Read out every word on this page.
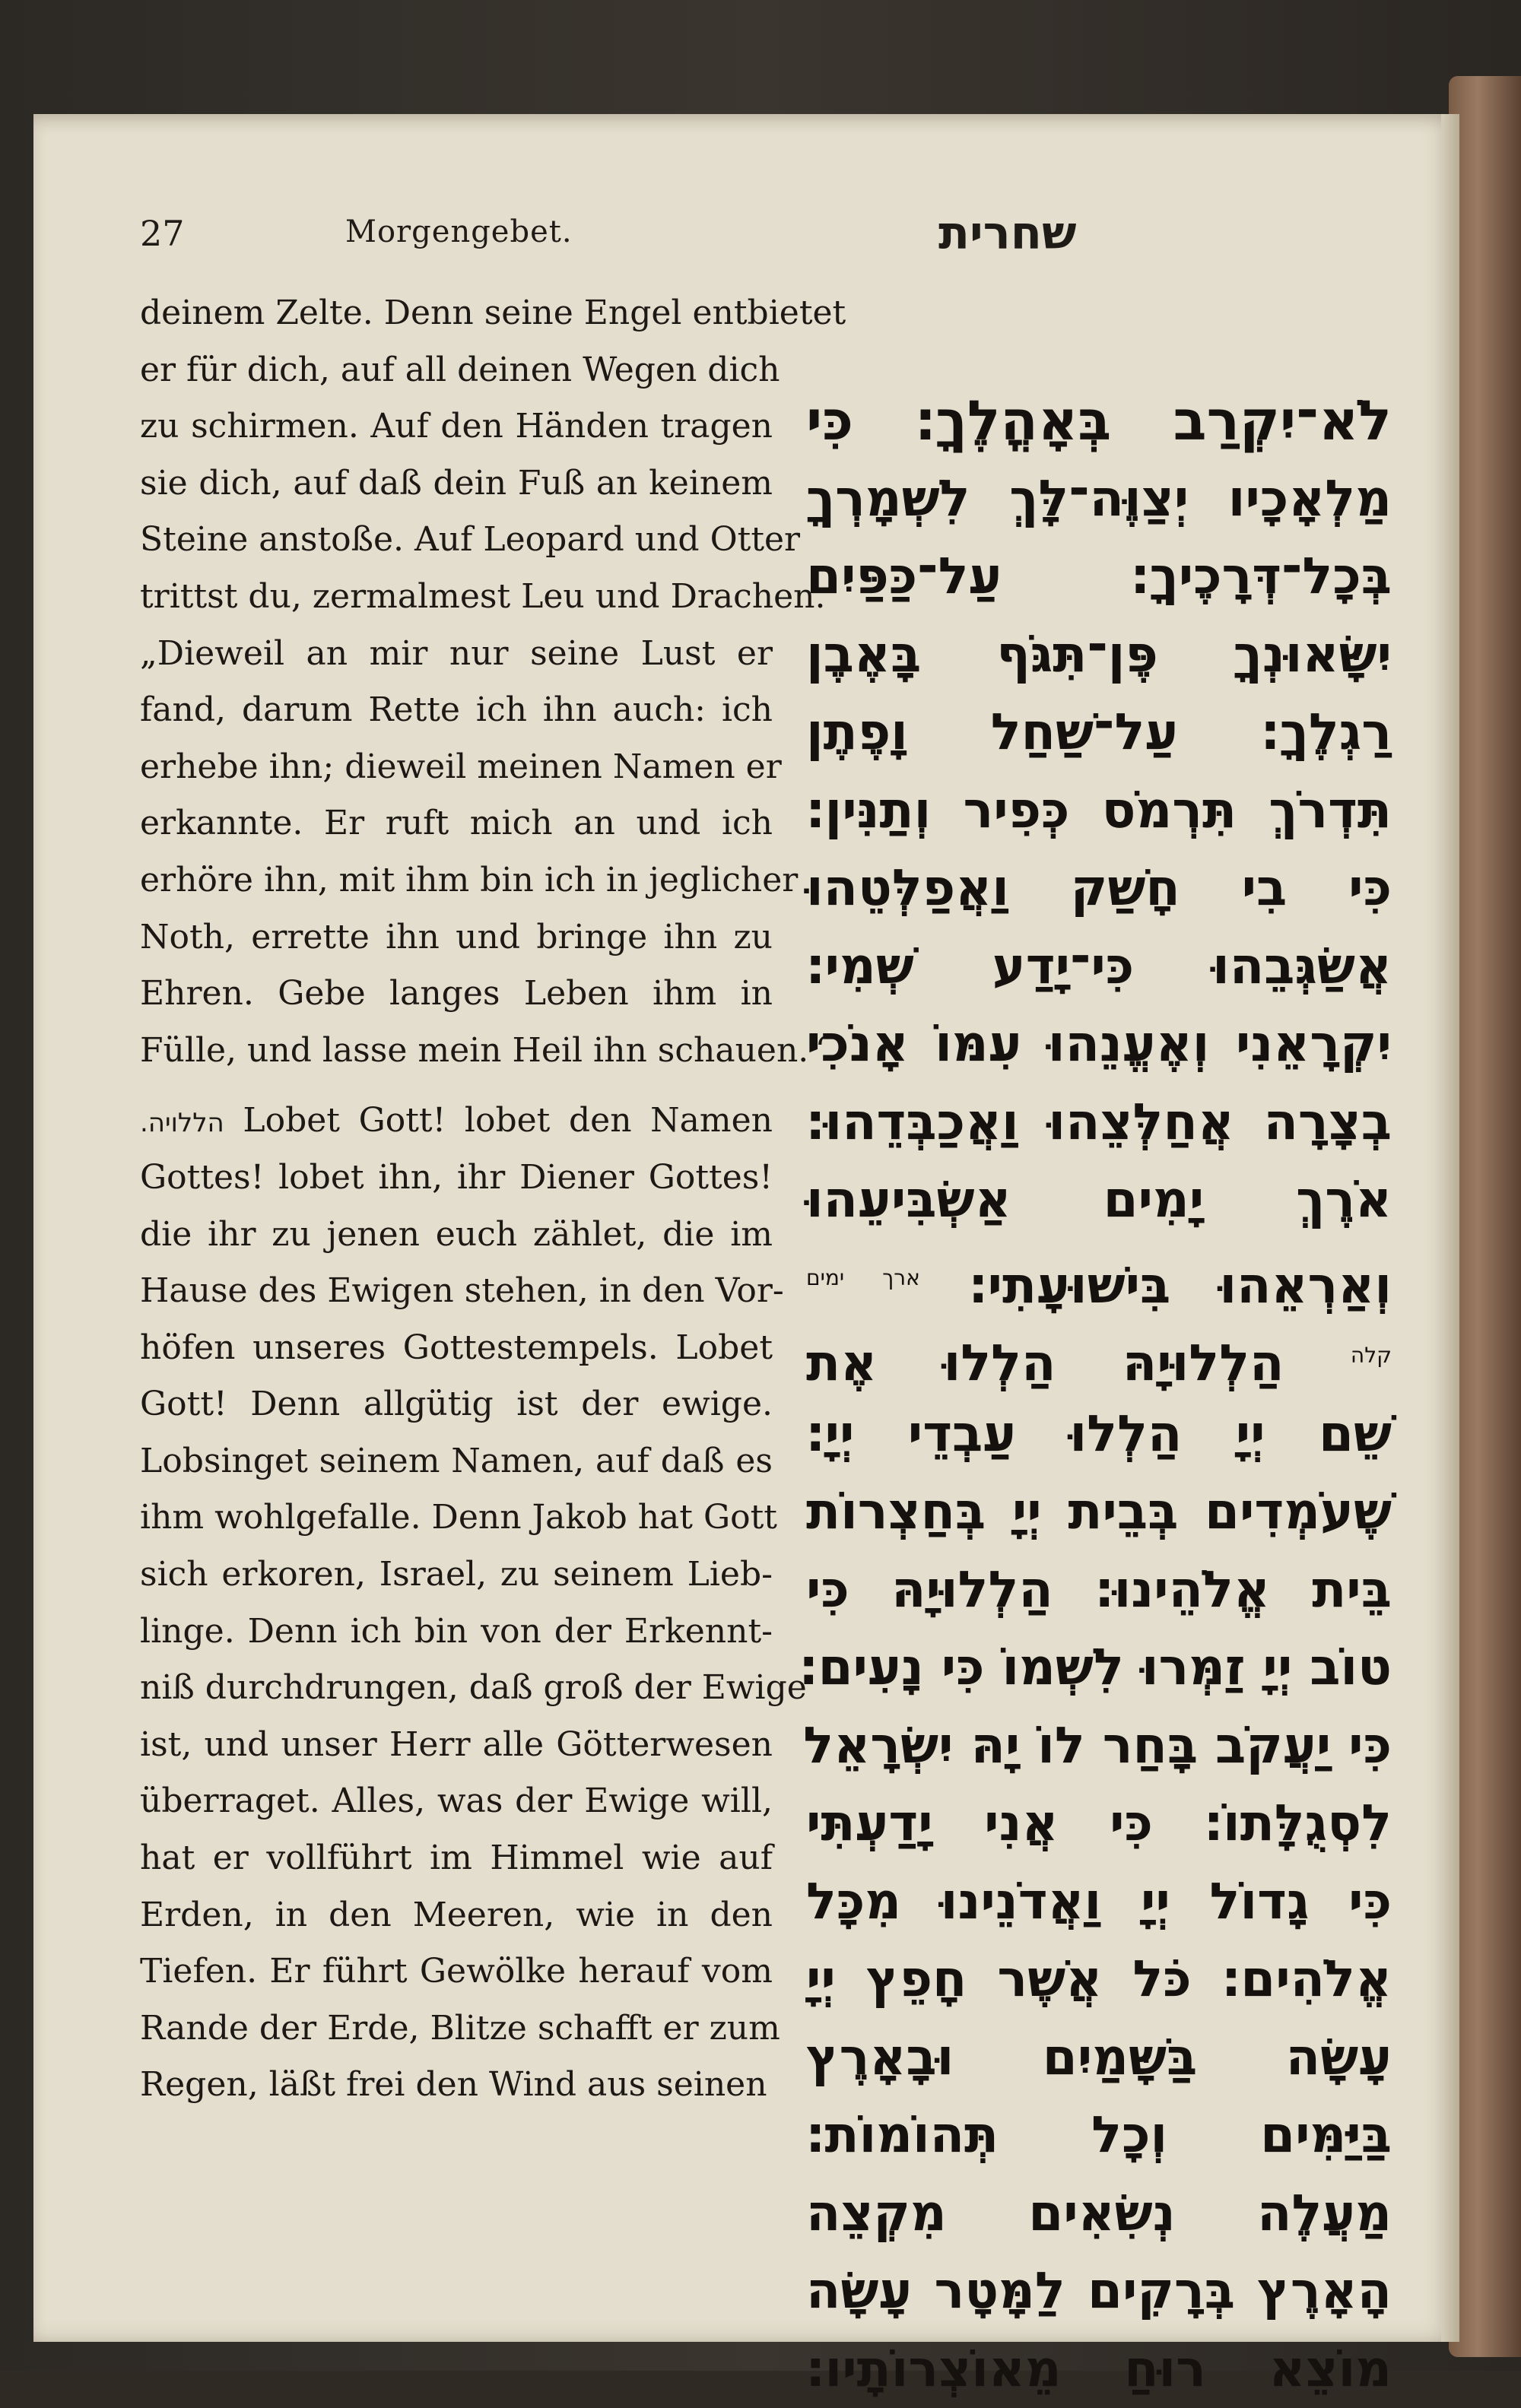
27	Morgengebet.	שחרית
deinem Zelte. Denn seine Engel entbietet
er für dich, auf all deinen Wegen dich
zu schirmen. Auf den Händen tragen
sie dich, auf daß dein Fuß an keinem
Steine anstoße. Auf Leopard und Otter
trittst du, zermalmest Leu und Drachen.
„Dieweil an mir nur seine Lust er
fand, darum Rette ich ihn auch: ich
erhebe ihn; dieweil meinen Namen er
erkannte. Er ruft mich an und ich
erhöre ihn, mit ihm bin ich in jeglicher
Noth, errette ihn und bringe ihn zu
Ehren. Gebe langes Leben ihm in
Fülle, und lasse mein Heil ihn schauen.“
הללויה. Lobet Gott! lobet den Namen
Gottes! lobet ihn, ihr Diener Gottes!
die ihr zu jenen euch zählet, die im
Hause des Ewigen stehen, in den Vor-
höfen unseres Gottestempels. Lobet
Gott! Denn allgütig ist der ewige.
Lobsinget seinem Namen, auf daß es
ihm wohlgefalle. Denn Jakob hat Gott
sich erkoren, Israel, zu seinem Lieb-
linge. Denn ich bin von der Erkennt-
niß durchdrungen, daß groß der Ewige
ist, und unser Herr alle Götterwesen
überraget. Alles, was der Ewige will,
hat er vollführt im Himmel wie auf
Erden, in den Meeren, wie in den
Tiefen. Er führt Gewölke herauf vom
Rande der Erde, Blitze schafft er zum
Regen, läßt frei den Wind aus seinen
לֹא־יִקְרַב בְּאָהֳלֶךָ׃ כִּי
מַלְאָכָיו יְצַוֶּה־לָּךְ לִשְׁמָרְךָ
בְּכָל־דְּרָכֶיךָ׃ עַל־כַּפַּיִם
יִשָּׂאוּנְךָ פֶּן־תִּגֹּף בָּאֶבֶן
רַגְלֶךָ׃ עַל־שַׁחַל וָפֶתֶן
תִּדְרֹךְ תִּרְמֹס כְּפִיר וְתַנִּין׃
כִּי בִי חָשַׁק וַאֲפַלְּטֵהוּ
אֲשַׂגְּבֵהוּ כִּי־יָדַע שְׁמִי׃
יִקְרָאֵנִי וְאֶעֱנֵהוּ עִמּוֹ אָנֹכִי
בְצָרָה אֲחַלְּצֵהוּ וַאֲכַבְּדֵהוּ׃
אֹרֶךְ יָמִים אַשְׂבִּיעֵהוּ
וְאַרְאֵהוּ בִּישׁוּעָתִי׃ $^{ארך ימים}$
$^{קלה}$ הַלְלוּיָהּ הַלְלוּ אֶת
שֵׁם יְיָ הַלְלוּ עַבְדֵי יְיָ׃
שֶׁעֹמְדִים בְּבֵית יְיָ בְּחַצְרוֹת
בֵּית אֱלֹהֵינוּ׃ הַלְלוּיָהּ כִּי
טוֹב יְיָ זַמְּרוּ לִשְׁמוֹ כִּי נָעִים׃
כִּי יַעֲקֹב בָּחַר לוֹ יָהּ יִשְׂרָאֵל
לִסְגֻלָּתוֹ׃ כִּי אֲנִי יָדַעְתִּי
כִּי גָדוֹל יְיָ וַאֲדֹנֵינוּ מִכָּל
אֱלֹהִים׃ כֹּל אֲשֶׁר חָפֵץ יְיָ
עָשָׂה בַּשָּׁמַיִם וּבָאָרֶץ
בַּיַּמִּים וְכָל תְּהוֹמוֹת׃
מַעֲלֶה נְשִׂאִים מִקְצֵה
הָאָרֶץ בְּרָקִים לַמָּטָר עָשָׂה
מוֹצֵא רוּחַ מֵאוֹצְרוֹתָיו׃
